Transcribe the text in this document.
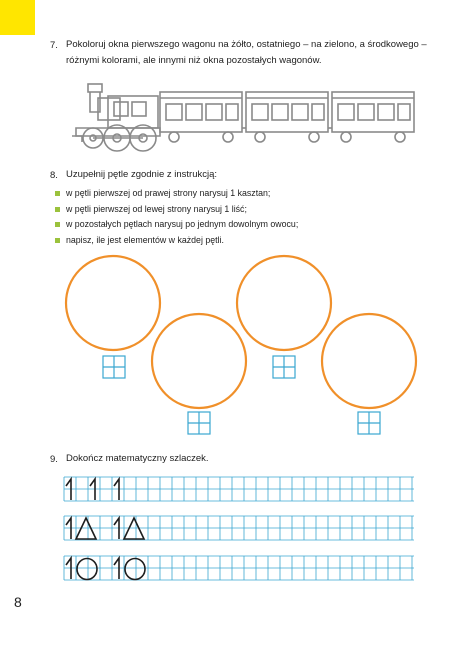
7. Pokoloruj okna pierwszego wagonu na żółto, ostatniego – na zielono, a środkowego –
różnymi kolorami, ale innymi niż okna pozostałych wagonów.
8. Uzupełnij pętle zgodnie z instrukcją:
w pętli pierwszej od prawej strony narysuj 1 kasztan;
w pętli pierwszej od lewej strony narysuj 1 liść;
w pozostałych pętlach narysuj po jednym dowolnym owocu;
napisz, ile jest elementów w każdej pętli.
9. Dokończ matematyczny szlaczek.
8
